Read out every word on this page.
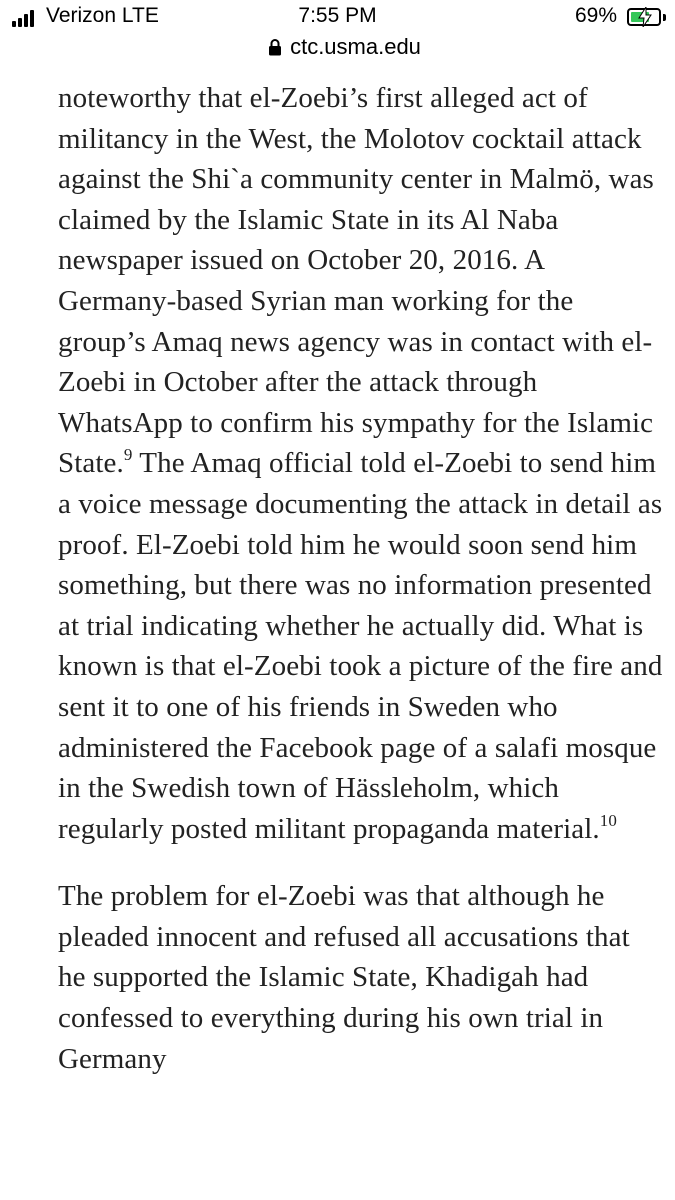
Verizon LTE	7:55 PM	69%
ctc.usma.edu

noteworthy that el-Zoebi’s first alleged act of militancy in the West, the Molotov cocktail attack against the Shi`a community center in Malmö, was claimed by the Islamic State in its Al Naba newspaper issued on October 20, 2016. A Germany-based Syrian man working for the group’s Amaq news agency was in contact with el-Zoebi in October after the attack through WhatsApp to confirm his sympathy for the Islamic State.$^9$ The Amaq official told el-Zoebi to send him a voice message documenting the attack in detail as proof. El-Zoebi told him he would soon send him something, but there was no information presented at trial indicating whether he actually did. What is known is that el-Zoebi took a picture of the fire and sent it to one of his friends in Sweden who administered the Facebook page of a salafi mosque in the Swedish town of Hässleholm, which regularly posted militant propaganda material.$^{10}$

The problem for el-Zoebi was that although he pleaded innocent and refused all accusations that he supported the Islamic State, Khadigah had confessed to everything during his own trial in Germany
